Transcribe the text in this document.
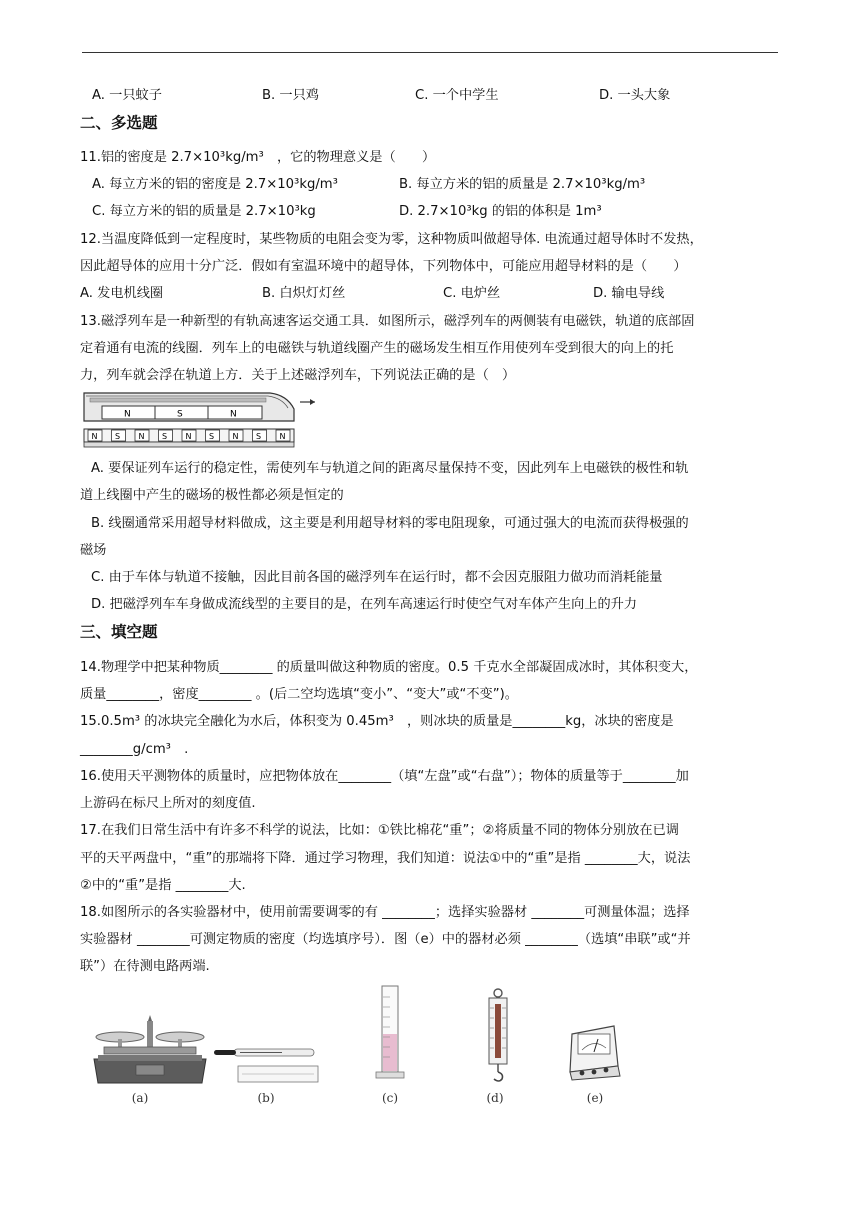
A. 一只蚊子	B. 一只鸡	C. 一个中学生	D. 一头大象
二、多选题
11.铝的密度是 2.7×10³kg/m³　，它的物理意义是（　　）
A. 每立方米的铝的密度是 2.7×10³kg/m³	B. 每立方米的铝的质量是 2.7×10³kg/m³
C. 每立方米的铝的质量是 2.7×10³kg	D. 2.7×10³kg 的铝的体积是 1m³
12.当温度降低到一定程度时，某些物质的电阻会变为零，这种物质叫做超导体. 电流通过超导体时不发热，
因此超导体的应用十分广泛．假如有室温环境中的超导体，下列物体中，可能应用超导材料的是（　　）
A. 发电机线圈	B. 白炽灯灯丝	C. 电炉丝	D. 输电导线
13.磁浮列车是一种新型的有轨高速客运交通工具．如图所示，磁浮列车的两侧装有电磁铁，轨道的底部固
定着通有电流的线圈．列车上的电磁铁与轨道线圈产生的磁场发生相互作用使列车受到很大的向上的托
力，列车就会浮在轨道上方．关于上述磁浮列车，下列说法正确的是（　）
N	S	N
N S N S N S N S N
A. 要保证列车运行的稳定性，需使列车与轨道之间的距离尽量保持不变，因此列车上电磁铁的极性和轨
道上线圈中产生的磁场的极性都必须是恒定的
B. 线圈通常采用超导材料做成，这主要是利用超导材料的零电阻现象，可通过强大的电流而获得极强的
磁场
C. 由于车体与轨道不接触，因此目前各国的磁浮列车在运行时，都不会因克服阻力做功而消耗能量
D. 把磁浮列车车身做成流线型的主要目的是，在列车高速运行时使空气对车体产生向上的升力
三、填空题
14.物理学中把某种物质________ 的质量叫做这种物质的密度。0.5 千克水全部凝固成冰时，其体积变大，
质量________，密度________ 。(后二空均选填“变小”、“变大”或“不变”)。
15.0.5m³ 的冰块完全融化为水后，体积变为 0.45m³　，则冰块的质量是________kg，冰块的密度是
________g/cm³　.
16.使用天平测物体的质量时，应把物体放在________（填“左盘”或“右盘”）；物体的质量等于________加
上游码在标尺上所对的刻度值.
17.在我们日常生活中有许多不科学的说法，比如：①铁比棉花“重”；②将质量不同的物体分别放在已调
平的天平两盘中，“重”的那端将下降．通过学习物理，我们知道：说法①中的“重”是指 ________大，说法
②中的“重”是指 ________大.
18.如图所示的各实验器材中，使用前需要调零的有 ________；选择实验器材 ________可测量体温；选择
实验器材 ________可测定物质的密度（均选填序号）．图（e）中的器材必须 ________（选填“串联”或“并
联”）在待测电路两端.
(a)	(b)	(c)	(d)	(e)
